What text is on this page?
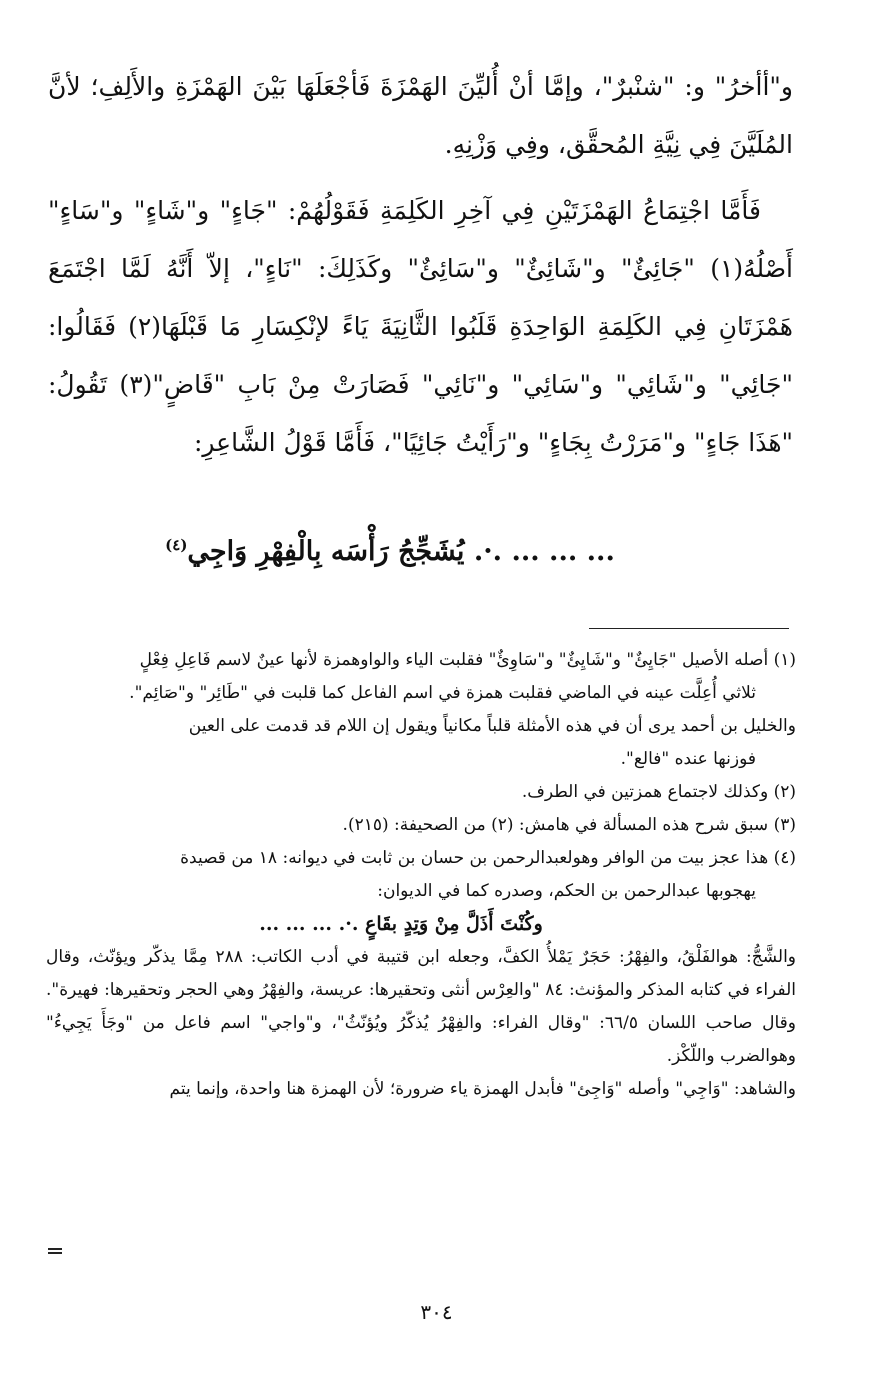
و"أأخرُ" و: "شنْبرٌ"، وإمَّا أنْ أُليِّنَ الهَمْزَةَ فَأجْعَلَهَا بَيْنَ الهَمْزَةِ والأَلِفِ؛ لأنَّ المُلَيَّنَ فِي نِيَّةِ المُحقَّق، وفِي وَزْنِهِ.

فَأَمَّا اجْتِمَاعُ الهَمْزَتَيْنِ فِي آخِرِ الكَلِمَةِ فَقَوْلُهُمْ: "جَاءٍ" و"شَاءٍ" و"سَاءٍ" أَصْلُهُ(١) "جَائِئٌ" و"شَائِئٌ" و"سَائِئٌ" وكَذَلِكَ: "نَاءٍ"، إلاّ أَنَّهُ لَمَّا اجْتَمَعَ هَمْزَتَانِ فِي الكَلِمَةِ الوَاحِدَةِ قَلَبُوا الثَّانِيَةَ يَاءً لإنْكِسَارِ مَا قَبْلَهَا(٢) فَقَالُوا: "جَائِي" و"شَائِي" و"سَائِي" و"نَائِي" فَصَارَتْ مِنْ بَابِ "قَاضٍ"(٣) تَقُولُ: "هَذَا جَاءٍ" و"مَرَرْتُ بِجَاءٍ" و"رَأَيْتُ جَائِيًا"، فَأَمَّا قَوْلُ الشَّاعِرِ:

... ... ... .·. يُشَجِّجُ رَأْسَه بِالْفِهْرِ وَاجِي$^{(٤)}$

(١) أصله الأصيل "جَايِئٌ" و"شَايِئٌ" و"سَاوِئٌ" فقلبت الياء والواوهمزة لأنها عينٌ لاسم فَاعِلِ فِعْلٍ

ثلاثي أُعِلَّت عينه في الماضي فقلبت همزة في اسم الفاعل كما قلبت في "طَائِر" و"صَائِم".

والخليل بن أحمد يرى أن في هذه الأمثلة قلباً مكانياً ويقول إن اللام قد قدمت على العين

فوزنها عنده "فالع".

(٢) وكذلك لاجتماع همزتين في الطرف.

(٣) سبق شرح هذه المسألة في هامش: (٢) من الصحيفة: (٢١٥).

(٤) هذا عجز بيت من الوافر وهولعبدالرحمن بن حسان بن ثابت في ديوانه: ١٨ من قصيدة

يهجوبها عبدالرحمن بن الحكم، وصدره كما في الديوان:

وكُنْتَ أَذَلَّ مِنْ وَتِدٍ بقَاعٍ .·. ... ... ...

والشَّجُّ: هوالفَلْقُ، والفِهْرُ: حَجَرٌ يَمْلأُ الكفَّ، وجعله ابن قتيبة في أدب الكاتب: ٢٨٨ مِمَّا يذكّر ويؤنّث، وقال الفراء في كتابه المذكر والمؤنث: ٨٤ "والعِرْس أنثى وتحقيرها: عريسة، والفِهْرُ وهي الحجر وتحقيرها: فهيرة". وقال صاحب اللسان ٦٦/٥: "وقال الفراء: والفِهْرُ يُذكّرُ ويُؤنّثُ"، و"واجي" اسم فاعل من "وجَأَ يَجِيءُ" وهوالضرب واللّكْز.

والشاهد: "وَاجِي" وأصله "وَاجِئ" فأبدل الهمزة ياء ضرورة؛ لأن الهمزة هنا واحدة، وإنما يتم

٣٠٤
